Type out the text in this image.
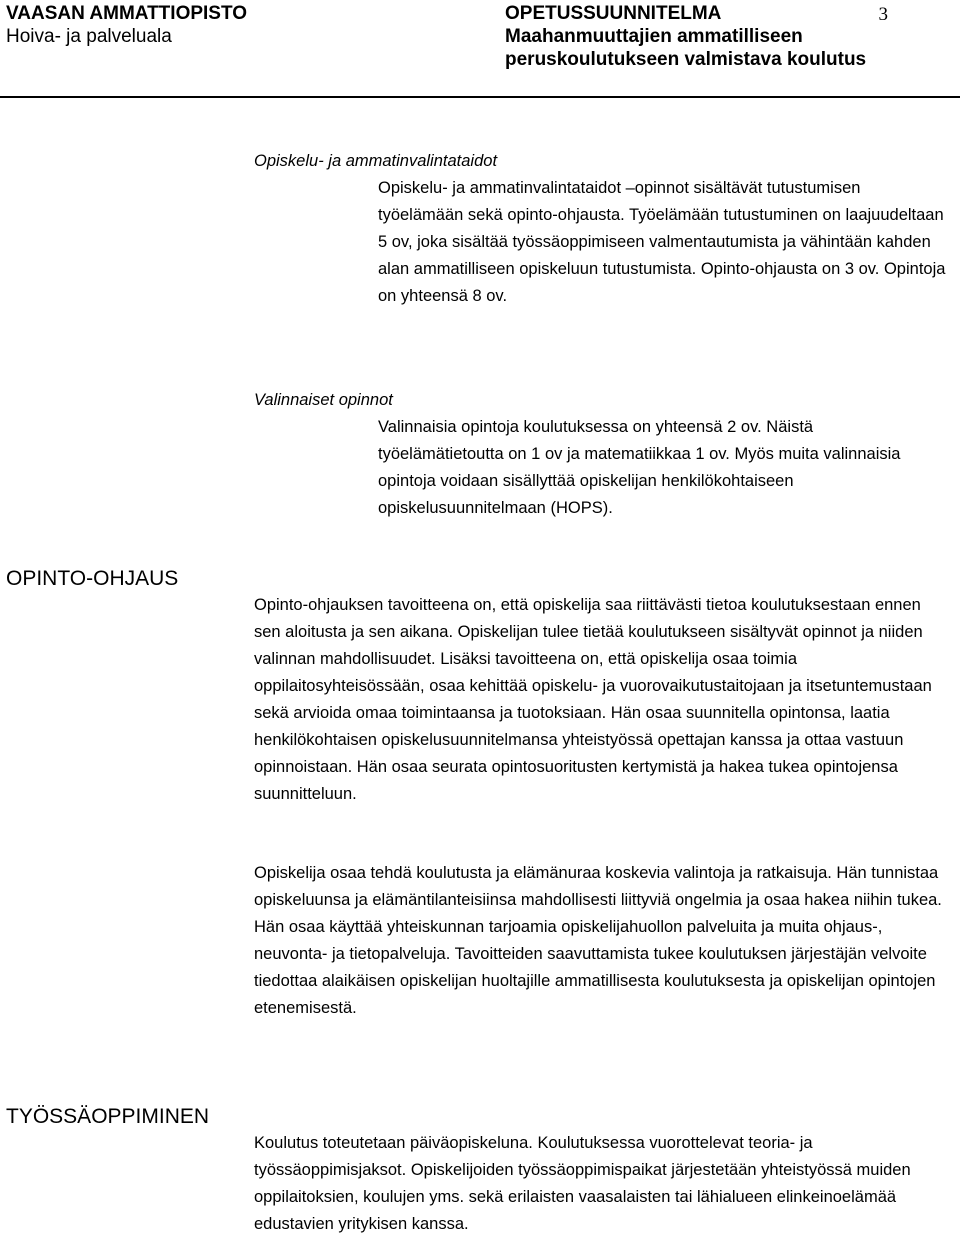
VAASAN AMMATTIOPISTO
Hoiva- ja palveluala
OPETUSSUUNNITELMA
Maahanmuuttajien ammatilliseen
peruskoulutukseen valmistava koulutus
3
Opiskelu- ja ammatinvalintataidot

Opiskelu- ja ammatinvalintataidot –opinnot sisältävät tutustumisen työelämään sekä opinto-ohjausta. Työelämään tutustuminen on laajuudeltaan 5 ov, joka sisältää työssäoppimiseen valmentautumista ja vähintään kahden alan ammatilliseen opiskeluun tutustumista. Opinto-ohjausta on 3 ov. Opintoja on yhteensä 8 ov.

Valinnaiset opinnot

Valinnaisia opintoja koulutuksessa on yhteensä 2 ov. Näistä työelämätietoutta on 1 ov ja matematiikkaa 1 ov. Myös muita valinnaisia opintoja voidaan sisällyttää opiskelijan henkilökohtaiseen opiskelusuunnitelmaan (HOPS).

OPINTO-OHJAUS

Opinto-ohjauksen tavoitteena on, että opiskelija saa riittävästi tietoa koulutuksestaan ennen sen aloitusta ja sen aikana. Opiskelijan tulee tietää koulutukseen sisältyvät opinnot ja niiden valinnan mahdollisuudet. Lisäksi tavoitteena on, että opiskelija osaa toimia oppilaitosyhteisössään, osaa kehittää opiskelu- ja vuorovaikutustaitojaan ja itsetuntemustaan sekä arvioida omaa toimintaansa ja tuotoksiaan. Hän osaa suunnitella opintonsa, laatia henkilökohtaisen opiskelusuunnitelmansa yhteistyössä opettajan kanssa ja ottaa vastuun opinnoistaan. Hän osaa seurata opintosuoritusten kertymistä ja hakea tukea opintojensa suunnitteluun.

Opiskelija osaa tehdä koulutusta ja elämänuraa koskevia valintoja ja ratkaisuja. Hän tunnistaa opiskeluunsa ja elämäntilanteisiinsa mahdollisesti liittyviä ongelmia ja osaa hakea niihin tukea. Hän osaa käyttää yhteiskunnan tarjoamia opiskelijahuollon palveluita ja muita ohjaus-, neuvonta- ja tietopalveluja. Tavoitteiden saavuttamista tukee koulutuksen järjestäjän velvoite tiedottaa alaikäisen opiskelijan huoltajille ammatillisesta koulutuksesta ja opiskelijan opintojen etenemisestä.

TYÖSSÄOPPIMINEN

Koulutus toteutetaan päiväopiskeluna. Koulutuksessa vuorottelevat teoria- ja työssäoppimisjaksot. Opiskelijoiden työssäoppimispaikat järjestetään yhteistyössä muiden oppilaitoksien, koulujen yms. sekä erilaisten vaasalaisten tai lähialueen elinkeinoelämää edustavien yritykisen kanssa.
